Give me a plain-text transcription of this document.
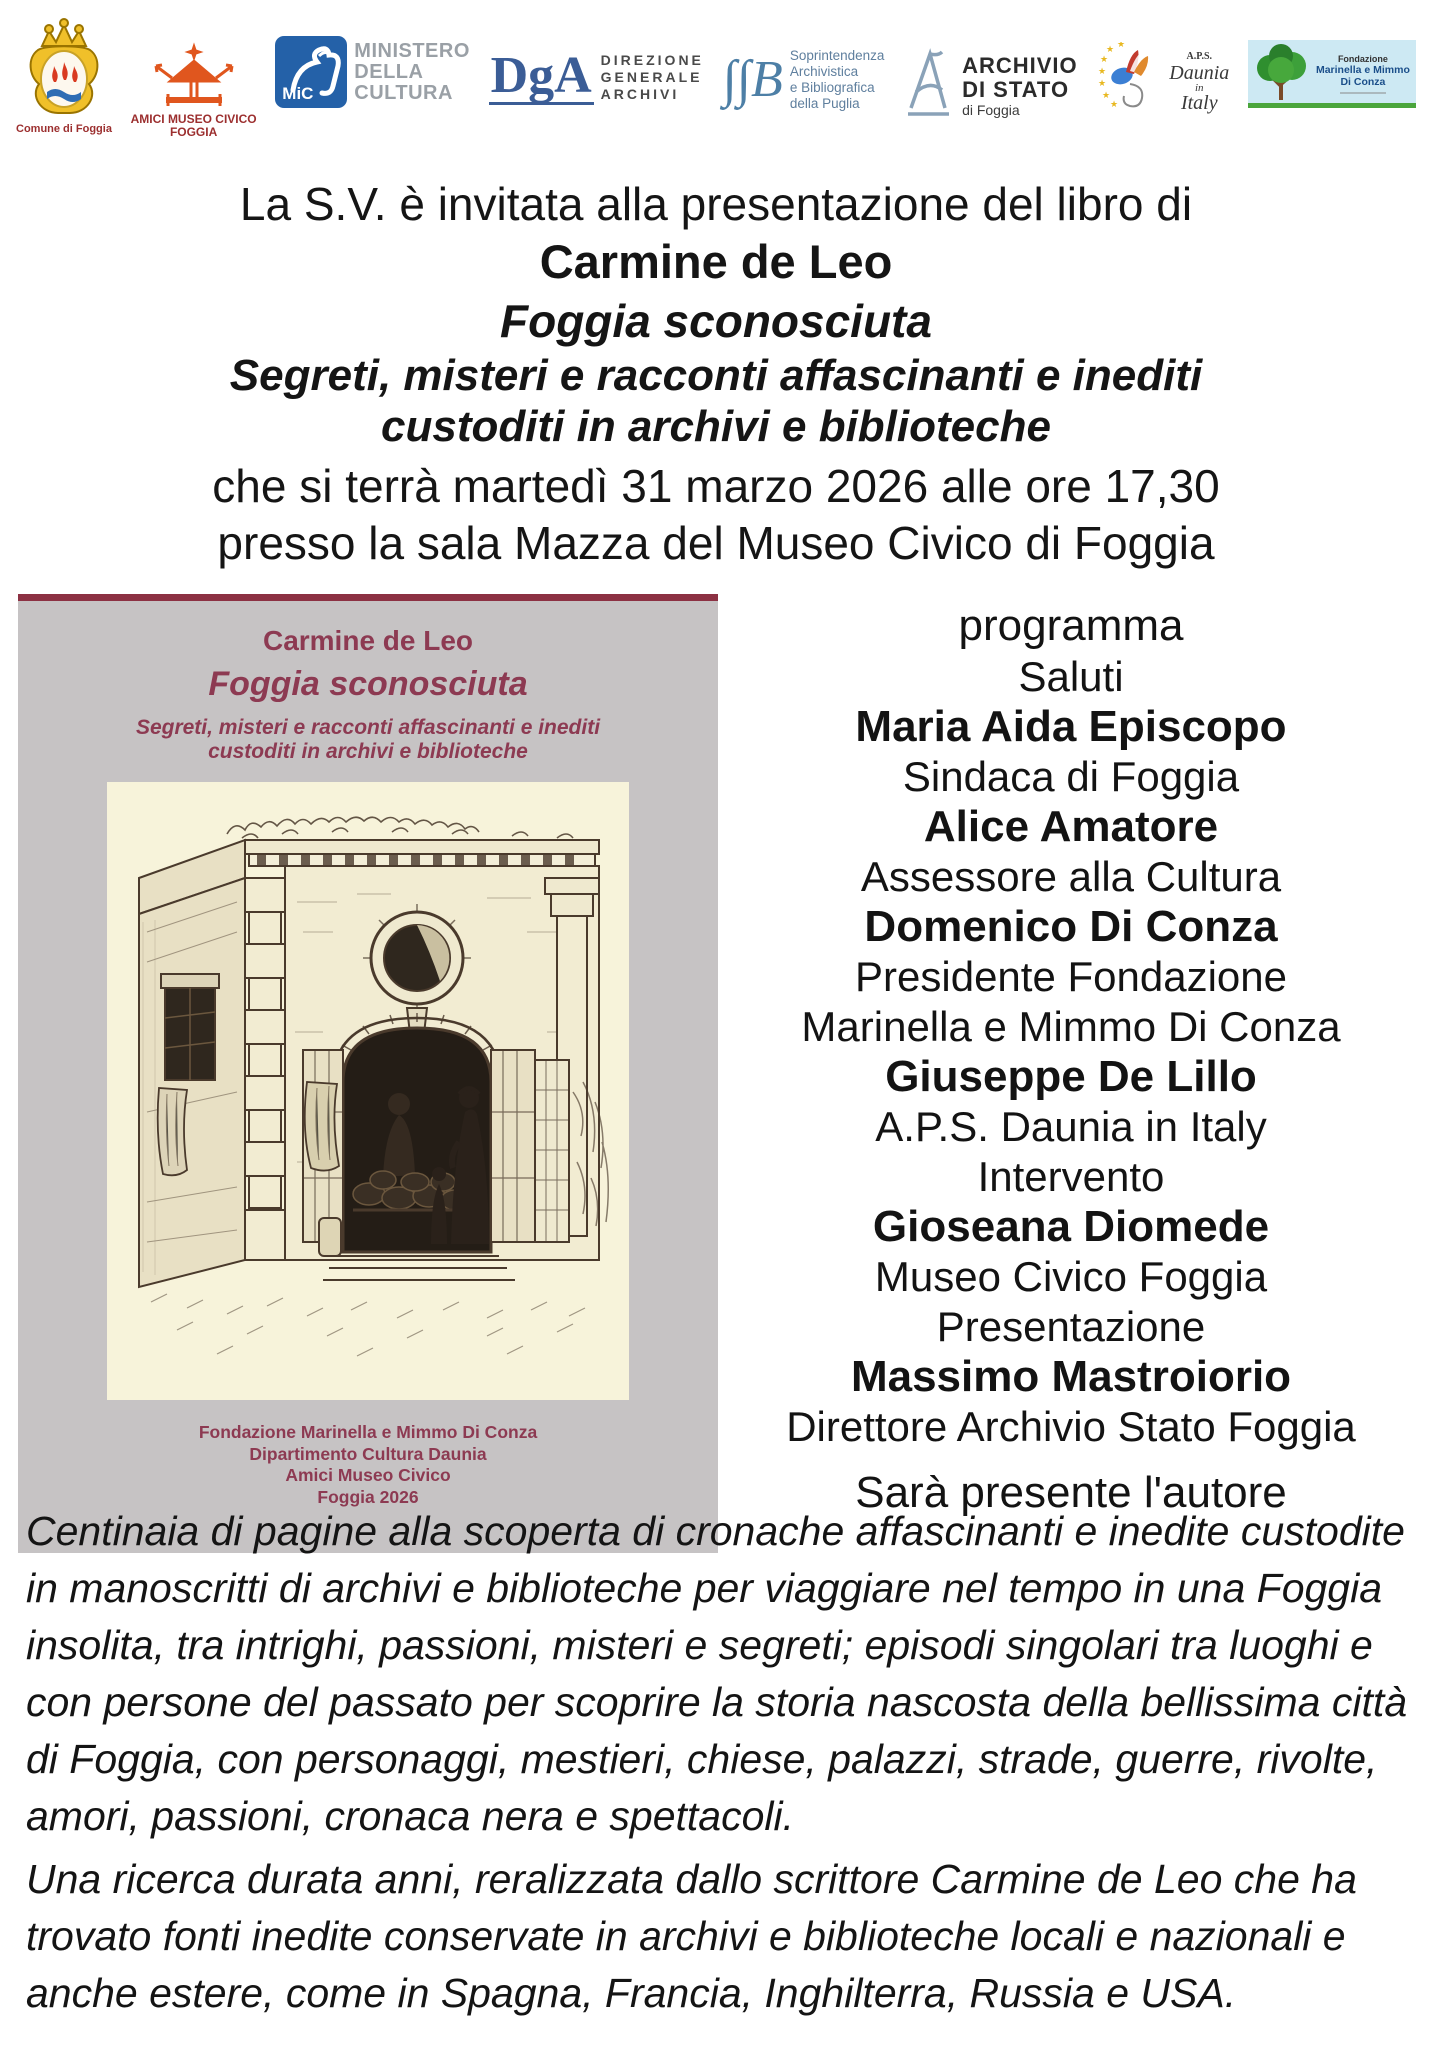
Comune di Foggia
AMICI MUSEO CIVICO
FOGGIA
MiC
MINISTERO
DELLA
CULTURA DgA DIREZIONE
GENERALE
ARCHIVI ∫∫B Soprintendenza
Archivistica
e Bibliografica
della Puglia
ARCHIVIO
DI STATO
di Foggia
★
★
★ ★
★
★
★
A.P.S.
Daunia
in
Italy
Fondazione
Marinella e Mimmo Di Conza
La S.V. è invitata alla presentazione del libro di
Carmine de Leo
Foggia sconosciuta
Segreti, misteri e racconti affascinanti e inediti
custoditi in archivi e biblioteche
che si terrà martedì 31 marzo 2026 alle ore 17,30
presso la sala Mazza del Museo Civico di Foggia
Carmine de Leo
Foggia sconosciuta
Segreti, misteri e racconti affascinanti e inediti
custoditi in archivi e biblioteche
Fondazione Marinella e Mimmo Di Conza
Dipartimento Cultura Daunia
Amici Museo Civico
Foggia 2026
programma
Saluti
Maria Aida Episcopo
Sindaca di Foggia
Alice Amatore
Assessore alla Cultura
Domenico Di Conza
Presidente Fondazione
Marinella e Mimmo Di Conza
Giuseppe De Lillo
A.P.S. Daunia in Italy
Intervento
Gioseana Diomede
Museo Civico Foggia
Presentazione
Massimo Mastroiorio
Direttore Archivio Stato Foggia
Sarà presente l'autore

Centinaia di pagine alla scoperta di cronache affascinanti e inedite custodite in manoscritti di archivi e biblioteche per viaggiare nel tempo in una Foggia insolita, tra intrighi, passioni, misteri e segreti; episodi singolari tra luoghi e con persone del passato per scoprire la storia nascosta della bellissima città di Foggia, con personaggi, mestieri, chiese, palazzi, strade, guerre, rivolte, amori, passioni, cronaca nera e spettacoli.

Una ricerca durata anni, reralizzata dallo scrittore Carmine de Leo che ha trovato fonti inedite conservate in archivi e biblioteche locali e nazionali e anche estere, come in Spagna, Francia, Inghilterra, Russia e USA.
